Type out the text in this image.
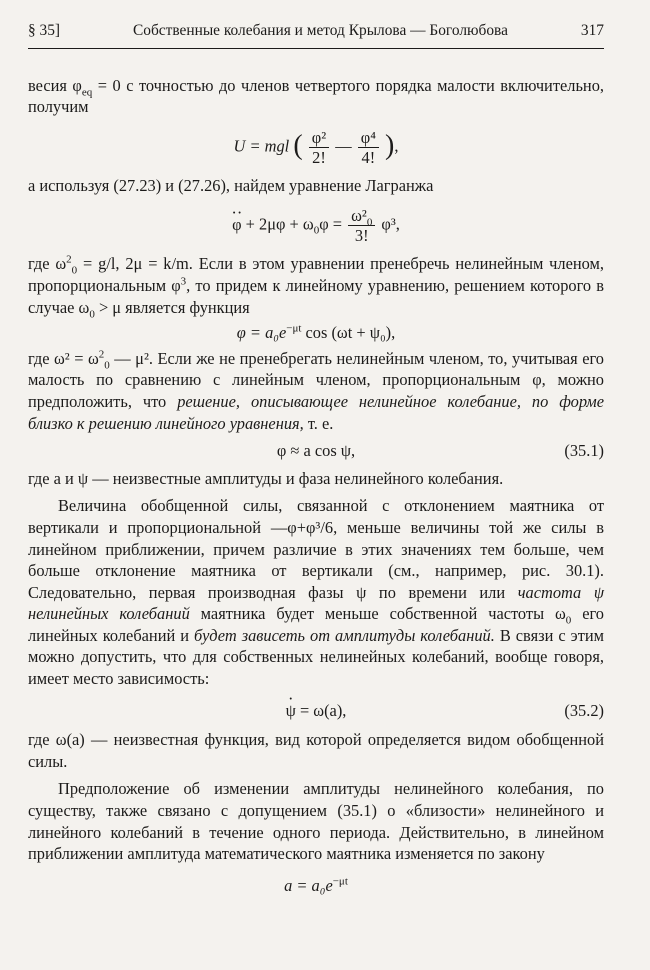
§ 35]	Собственные колебания и метод Крылова — Боголюбова	317

весия $\varphi_{eq} = 0$ с точностью до членов четвертого порядка малости включительно, получим

U = mgl ( $\frac{\text{φ²}}{2!}$ — $\frac{\text{φ⁴}}{4!}$ ),

а используя (27.23) и (27.26), найдем уравнение Лагранжа

φ ·· + $2\mu\varphi + \omega_0\varphi = \frac{\omega^2_0}{3!} \varphi^3$,

где $\omega^2_0 = g/l$, 2μ = k/m. Если в этом уравнении пренебречь нелинейным членом, пропорциональным $\varphi^3$, то придем к линейному уравнению, решением которого в случае $\omega_0 > \mu$ является функция

$\varphi = a_0e^{-\mu t}$ cos (ωt + ψ₀),

где $\omega^2 = \omega^2_0$ — μ². Если же не пренебрегать нелинейным членом, то, учитывая его малость по сравнению с линейным членом, пропорциональным φ, можно предположить, что решение, описывающее нелинейное колебание, по форме близко к решению линейного уравнения, т. е.

φ ≈ a cos ψ,	(35.1)

где a и ψ — неизвестные амплитуды и фаза нелинейного колебания.

Величина обобщенной силы, связанной с отклонением маятника от вертикали и пропорциональной —φ+φ³/6, меньше величины той же силы в линейном приближении, причем различие в этих значениях тем больше, чем больше отклонение маятника от вертикали (см., например, рис. 30.1). Следовательно, первая производная фазы ψ по времени или частота ψ нелинейных колебаний маятника будет меньше собственной частоты $\omega_0$ его линейных колебаний и будет зависеть от амплитуды колебаний. В связи с этим можно допустить, что для собственных нелинейных колебаний, вообще говоря, имеет место зависимость:

ψ · = ω(a),	(35.2)

где ω(a) — неизвестная функция, вид которой определяется видом обобщенной силы.

Предположение об изменении амплитуды нелинейного колебания, по существу, также связано с допущением (35.1) о «близости» нелинейного и линейного колебаний в течение одного периода. Действительно, в линейном приближении амплитуда математического маятника изменяется по закону

$a = a_0e^{-\mu t}$
